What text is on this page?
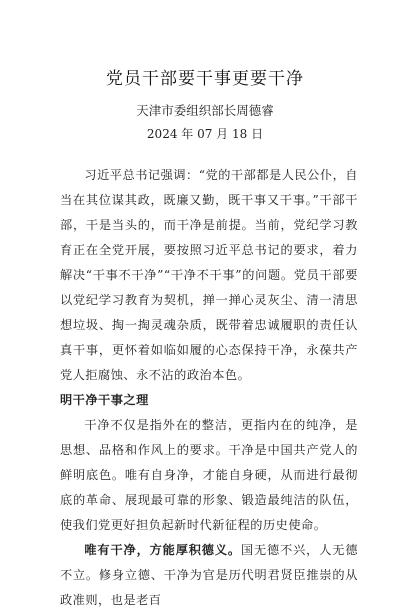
党员干部要干事更要干净
天津市委组织部长周德睿
2024 年 07 月 18 日

习近平总书记强调：“党的干部都是人民公仆，自当在其位谋其政，既廉又勤，既干事又干事。”干部干部，干是当头的，而干净是前提。当前，党纪学习教育正在全党开展，要按照习近平总书记的要求，着力解决“干事不干净”“干净不干事”的问题。党员干部要以党纪学习教育为契机，掸一掸心灵灰尘、清一清思想垃圾、掏一掏灵魂杂质，既带着忠诚履职的责任认真干事，更怀着如临如履的心态保持干净，永葆共产党人拒腐蚀、永不沾的政治本色。

明干净干事之理

干净不仅是指外在的整洁，更指内在的纯净，是思想、品格和作风上的要求。干净是中国共产党人的鲜明底色。唯有自身净，才能自身硬，从而进行最彻底的革命、展现最可靠的形象、锻造最纯洁的队伍，使我们党更好担负起新时代新征程的历史使命。

唯有干净，方能厚积德义。国无德不兴，人无德不立。修身立德、干净为官是历代明君贤臣推崇的从政准则，也是老百
